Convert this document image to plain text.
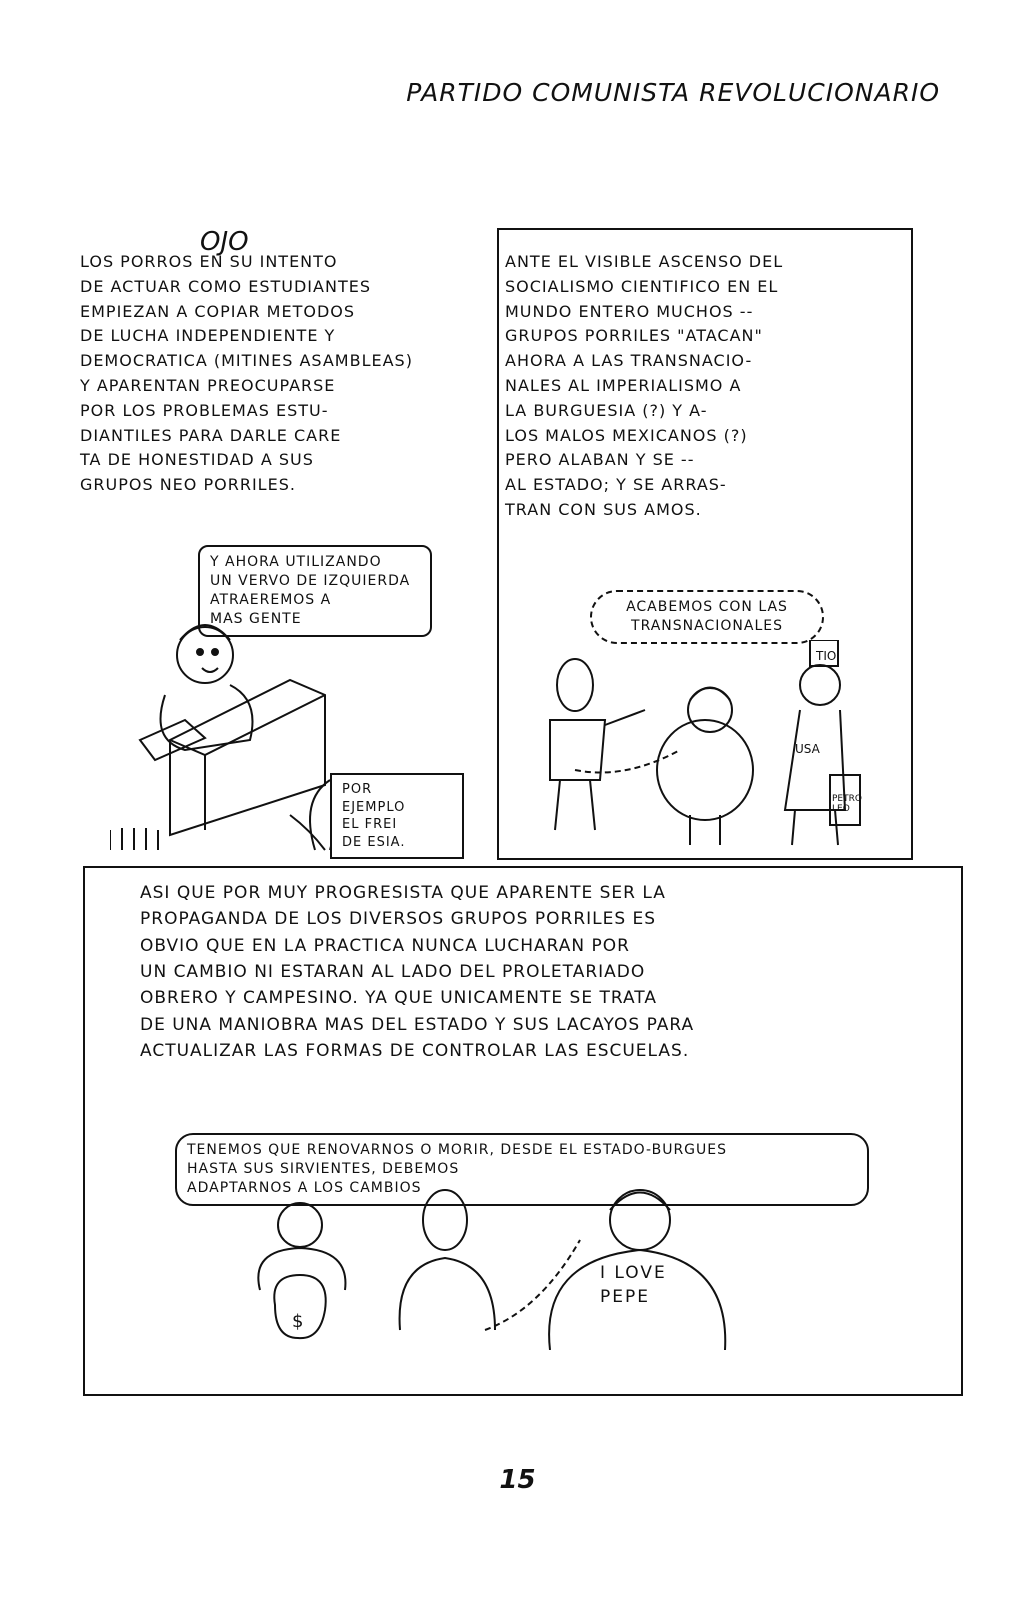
PARTIDO COMUNISTA REVOLUCIONARIO
OJO
LOS PORROS EN SU INTENTO
DE ACTUAR COMO ESTUDIANTES
EMPIEZAN A COPIAR METODOS
DE LUCHA INDEPENDIENTE Y
DEMOCRATICA (MITINES ASAMBLEAS)
Y APARENTAN PREOCUPARSE
POR LOS PROBLEMAS ESTU-
DIANTILES PARA DARLE CARE
TA DE HONESTIDAD A SUS
GRUPOS NEO PORRILES.
Y AHORA UTILIZANDO
UN VERVO DE IZQUIERDA
ATRAEREMOS A
MAS GENTE
POR
EJEMPLO
EL FREI
DE ESIA.
ANTE EL VISIBLE ASCENSO DEL
SOCIALISMO CIENTIFICO EN EL
MUNDO ENTERO MUCHOS --
GRUPOS PORRILES "ATACAN"
AHORA A LAS TRANSNACIO-
NALES AL IMPERIALISMO A
LA BURGUESIA (?) Y A-
LOS MALOS MEXICANOS (?)
PERO ALABAN Y SE --
AL ESTADO; Y SE ARRAS-
TRAN CON SUS AMOS.
ACABEMOS CON LAS
TRANSNACIONALES
TIO
USA
PETRO LEO
ASI QUE POR MUY PROGRESISTA QUE APARENTE SER LA
PROPAGANDA DE LOS DIVERSOS GRUPOS PORRILES ES
OBVIO QUE EN LA PRACTICA NUNCA LUCHARAN POR
UN CAMBIO NI ESTARAN AL LADO DEL PROLETARIADO
OBRERO Y CAMPESINO. YA QUE UNICAMENTE SE TRATA
DE UNA MANIOBRA MAS DEL ESTADO Y SUS LACAYOS PARA
ACTUALIZAR LAS FORMAS DE CONTROLAR LAS ESCUELAS.
TENEMOS QUE RENOVARNOS O MORIR, DESDE EL ESTADO-BURGUES
HASTA SUS SIRVIENTES, DEBEMOS
ADAPTARNOS A LOS CAMBIOS
$
I LOVE PEPE
15
